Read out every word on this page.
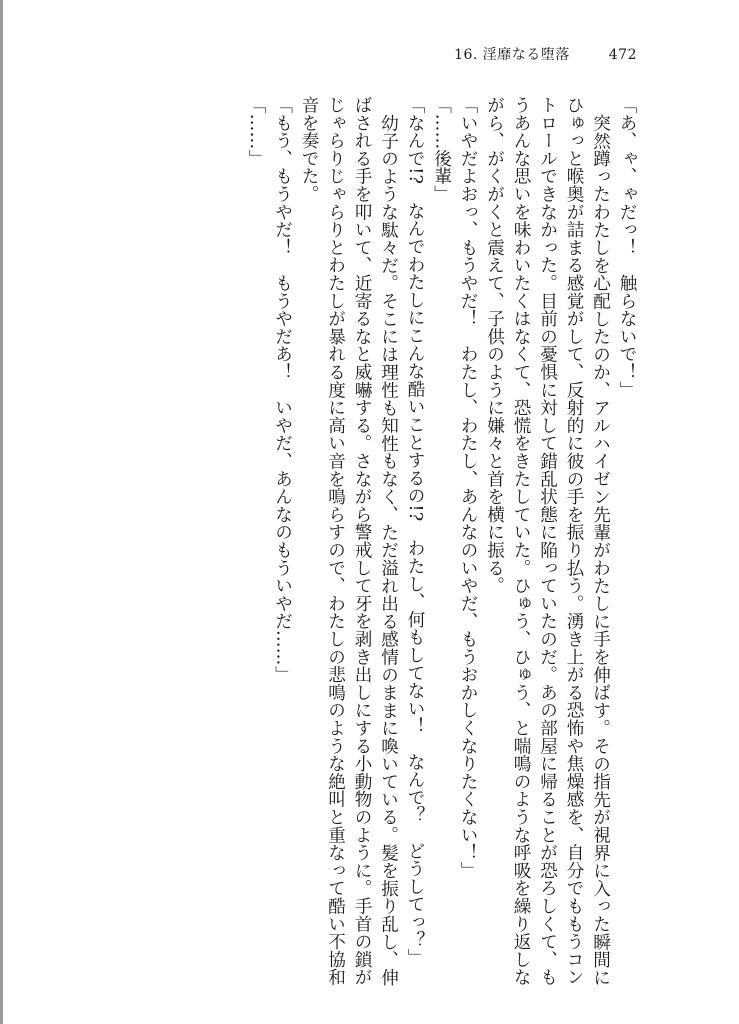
16. 淫靡なる堕落	472

「あ、ゃ、ゃだっ！　触らないで！」

突然蹲ったわたしを心配したのか、アルハイゼン先輩がわたしに手を伸ばす。その指先が視界に入った瞬間にひゅっと喉奥が詰まる感覚がして、反射的に彼の手を振り払う。湧き上がる恐怖や焦燥感を、自分でももうコントロールできなかった。目前の憂惧に対して錯乱状態に陥っていたのだ。あの部屋に帰ることが恐ろしくて、もうあんな思いを味わいたくはなくて、恐慌をきたしていた。ひゅう、ひゅう、と喘鳴のような呼吸を繰り返しながら、がくがくと震えて、子供のように嫌々と首を横に振る。

「いやだよおっ、もうやだ！　わたし、わたし、あんなのいやだ、もうおかしくなりたくない！」

「……後輩」

「なんで!?　なんでわたしにこんな酷いことするの!?　わたし、何もしてない！　なんで？　どうしてっ？」

幼子のような駄々だ。そこには理性も知性もなく、ただ溢れ出る感情のままに喚いている。髪を振り乱し、伸ばされる手を叩いて、近寄るなと威嚇する。さながら警戒して牙を剥き出しにする小動物のように。手首の鎖がじゃらりじゃらりとわたしが暴れる度に高い音を鳴らすので、わたしの悲鳴のような絶叫と重なって酷い不協和音を奏でた。

「もう、もうやだ！　もうやだあ！　いやだ、あんなのもういやだ……」

「……」
